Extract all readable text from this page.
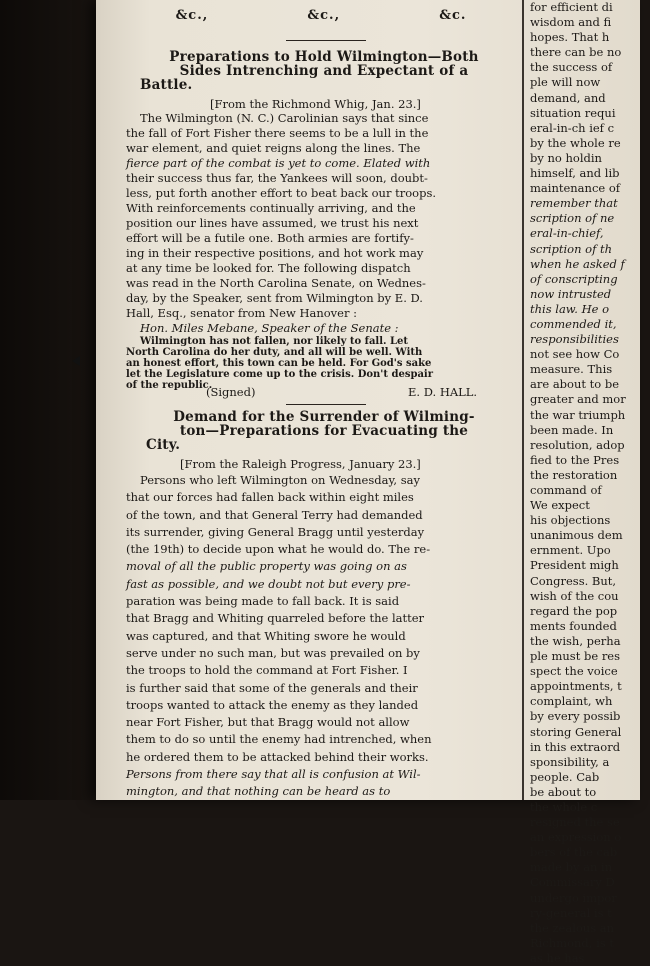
&c.,	&c.,	&c.
Preparations to Hold Wilmington—Both
Sides Intrenching and Expectant of a
Battle.
[From the Richmond Whig, Jan. 23.]
The Wilmington (N. C.) Carolinian says that since
the fall of Fort Fisher there seems to be a lull in the
war element, and quiet reigns along the lines. The
fierce part of the combat is yet to come. Elated with
their success thus far, the Yankees will soon, doubt-
less, put forth another effort to beat back our troops.
With reinforcements continually arriving, and the
position our lines have assumed, we trust his next
effort will be a futile one. Both armies are fortify-
ing in their respective positions, and hot work may
at any time be looked for. The following dispatch
was read in the North Carolina Senate, on Wednes-
day, by the Speaker, sent from Wilmington by E. D.
Hall, Esq., senator from New Hanover :
Hon. Miles Mebane, Speaker of the Senate :
Wilmington has not fallen, nor likely to fall. Let
North Carolina do her duty, and all will be well. With
an honest effort, this town can be held. For God's sake
let the Legislature come up to the crisis. Don't despair
of the republic.
(Signed)	E. D. HALL.
Demand for the Surrender of Wilming-
ton—Preparations for Evacuating the
City.
[From the Raleigh Progress, January 23.]
Persons who left Wilmington on Wednesday, say
that our forces had fallen back within eight miles
of the town, and that General Terry had demanded
its surrender, giving General Bragg until yesterday
(the 19th) to decide upon what he would do. The re-
moval of all the public property was going on as
fast as possible, and we doubt not but every pre-
paration was being made to fall back. It is said
that Bragg and Whiting quarreled before the latter
was captured, and that Whiting swore he would
serve under no such man, but was prevailed on by
the troops to hold the command at Fort Fisher. I
is further said that some of the generals and their
troops wanted to attack the enemy as they landed
near Fort Fisher, but that Bragg would not allow
them to do so until the enemy had intrenched, when
he ordered them to be attacked behind their works.
Persons from there say that all is confusion at Wil-
mington, and that nothing can be heard as to
for efficient di
wisdom and fi
hopes. That h
there can be no
the success of
ple will now
demand, and
situation requi
eral-in-ch ief c
by the whole re
by no holdin
himself, and lib
maintenance of
remember that
scription of ne
eral-in-chief,
scription of th
when he asked f
of conscripting
now intrusted
this law. He o
commended it,
responsibilities
not see how Co
measure. This
are about to be
greater and mor
the war triumph
been made. In
resolution, adop
fied to the Pres
the restoration
command of
We expect
his objections
unanimous dem
ernment. Upo
President migh
Congress. But,
wish of the cou
regard the pop
ments founded
the wish, perha
ple must be res
spect the voice
appointments, t
complaint, wh
by every possib
storing General
in this extraord
sponsibility, a
people. Cab
be about to
the whole c
resigned the se
an expression o
bers of the cab
made by an in
Commissary D
undergo impor
ry-general is t
the zealous an
Richmond, is t
as he has
